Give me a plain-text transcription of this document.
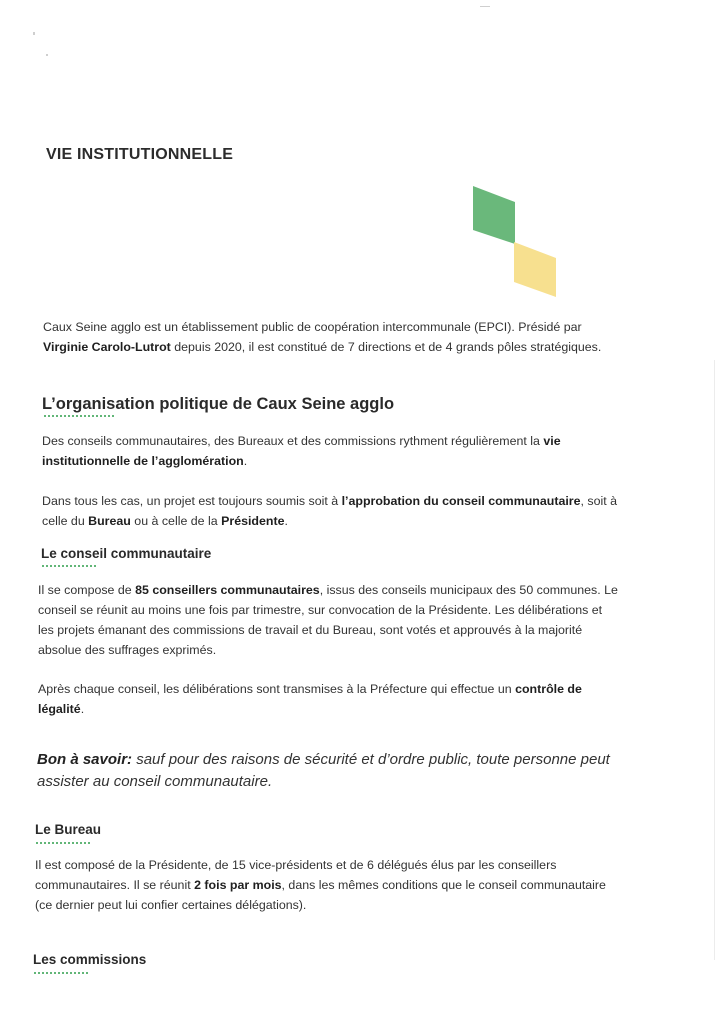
VIE INSTITUTIONNELLE
Caux Seine agglo est un établissement public de coopération intercommunale (EPCI). Présidé par
Virginie Carolo-Lutrot depuis 2020, il est constitué de 7 directions et de 4 grands pôles stratégiques.
L’organisation politique de Caux Seine agglo
Des conseils communautaires, des Bureaux et des commissions rythment régulièrement la vie
institutionnelle de l’agglomération.
Dans tous les cas, un projet est toujours soumis soit à l’approbation du conseil communautaire, soit à
celle du Bureau ou à celle de la Présidente.
Le conseil communautaire
Il se compose de 85 conseillers communautaires, issus des conseils municipaux des 50 communes. Le
conseil se réunit au moins une fois par trimestre, sur convocation de la Présidente. Les délibérations et
les projets émanant des commissions de travail et du Bureau, sont votés et approuvés à la majorité
absolue des suffrages exprimés.
Après chaque conseil, les délibérations sont transmises à la Préfecture qui effectue un contrôle de
légalité.
Bon à savoir: sauf pour des raisons de sécurité et d’ordre public, toute personne peut
assister au conseil communautaire.
Le Bureau
Il est composé de la Présidente, de 15 vice-présidents et de 6 délégués élus par les conseillers
communautaires. Il se réunit 2 fois par mois, dans les mêmes conditions que le conseil communautaire
(ce dernier peut lui confier certaines délégations).
Les commissions
